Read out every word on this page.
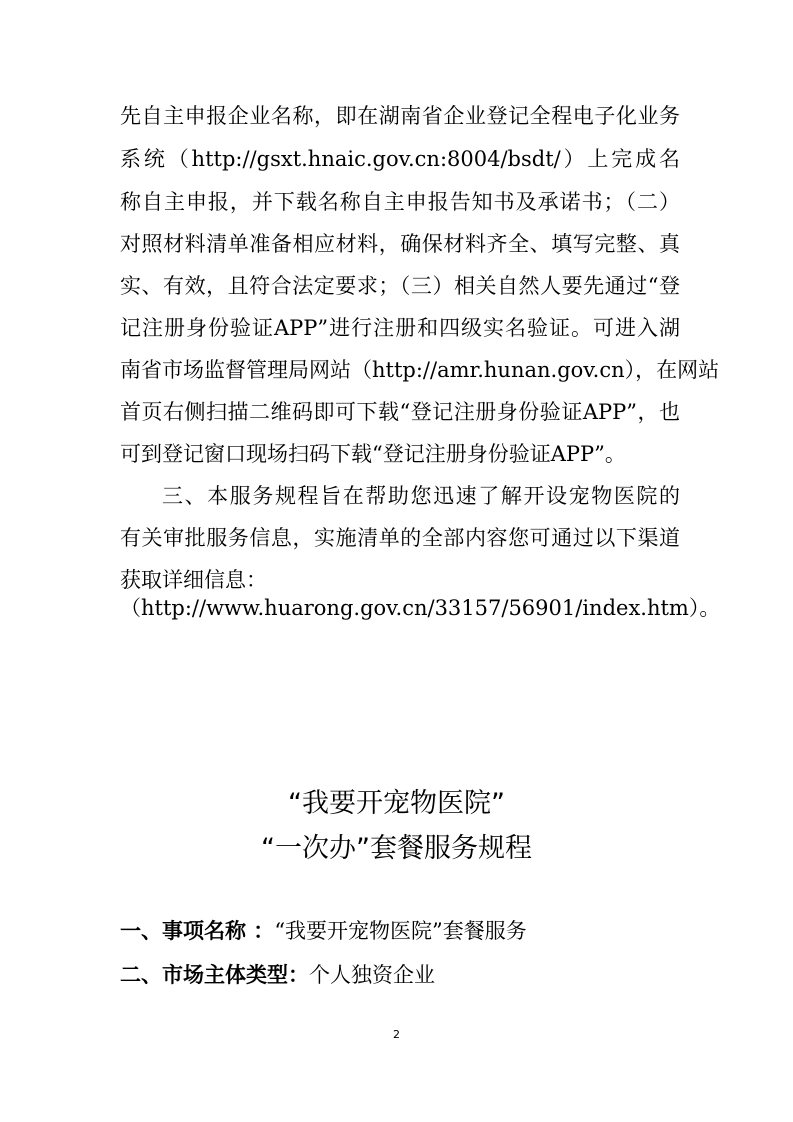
先自主申报企业名称，即在湖南省企业登记全程电子化业务
系统（http://gsxt.hnaic.gov.cn:8004/bsdt/）上完成名
称自主申报，并下载名称自主申报告知书及承诺书；（二）
对照材料清单准备相应材料，确保材料齐全、填写完整、真
实、有效，且符合法定要求；（三）相关自然人要先通过“登
记注册身份验证APP”进行注册和四级实名验证。可进入湖
南省市场监督管理局网站（http://amr.hunan.gov.cn），在网站
首页右侧扫描二维码即可下载“登记注册身份验证APP”，也
可到登记窗口现场扫码下载“登记注册身份验证APP”。
三、本服务规程旨在帮助您迅速了解开设宠物医院的
有关审批服务信息，实施清单的全部内容您可通过以下渠道
获取详细信息：
（http://www.huarong.gov.cn/33157/56901/index.htm）。
“我要开宠物医院”
“一次办”套餐服务规程
一、事项名称 ：“我要开宠物医院”套餐服务
二、市场主体类型：个人独资企业
2
